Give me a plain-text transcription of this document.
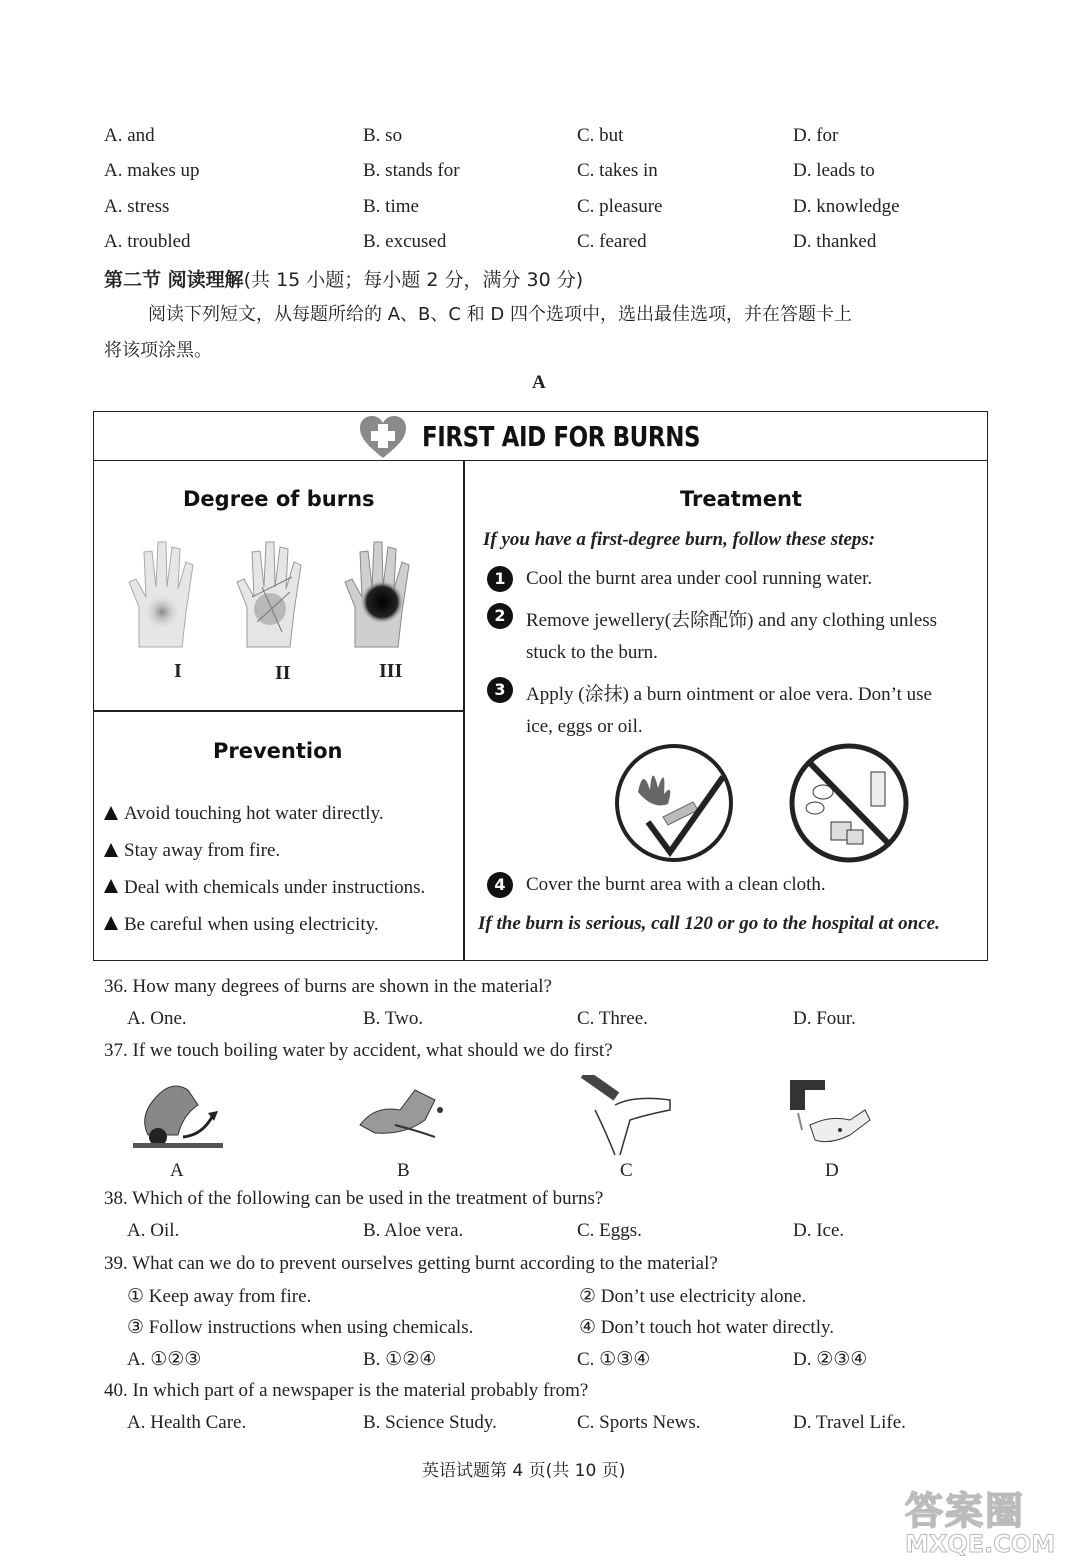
A. and	B. so	C. but	D. for
A. makes up	B. stands for	C. takes in	D. leads to
A. stress	B. time	C. pleasure	D. knowledge
A. troubled	B. excused	C. feared	D. thanked
第二节 阅读理解(共 15 小题；每小题 2 分，满分 30 分)
阅读下列短文，从每题所给的 A、B、C 和 D 四个选项中，选出最佳选项，并在答题卡上
将该项涂黑。
A
FIRST AID FOR BURNS
Degree of burns
I	II	III
Prevention
Avoid touching hot water directly.
Stay away from fire.
Deal with chemicals under instructions.
Be careful when using electricity.
Treatment
If you have a first-degree burn, follow these steps:
1	Cool the burnt area under cool running water.
2	Remove jewellery(去除配饰) and any clothing unless
stuck to the burn.
3	Apply (涂抹) a burn ointment or aloe vera. Don’t use
ice, eggs or oil.
4	Cover the burnt area with a clean cloth.
If the burn is serious, call 120 or go to the hospital at once.
36. How many degrees of burns are shown in the material?
A. One.	B. Two.	C. Three.	D. Four.
37. If we touch boiling water by accident, what should we do first?
A	B	C	D
38. Which of the following can be used in the treatment of burns?
A. Oil.	B. Aloe vera.	C. Eggs.	D. Ice.
39. What can we do to prevent ourselves getting burnt according to the material?
① Keep away from fire.	② Don’t use electricity alone.
③ Follow instructions when using chemicals.	④ Don’t touch hot water directly.
A. ①②③	B. ①②④	C. ①③④	D. ②③④
40. In which part of a newspaper is the material probably from?
A. Health Care.	B. Science Study.	C. Sports News.	D. Travel Life.
英语试题第 4 页(共 10 页)
答案圈
MXQE.COM
